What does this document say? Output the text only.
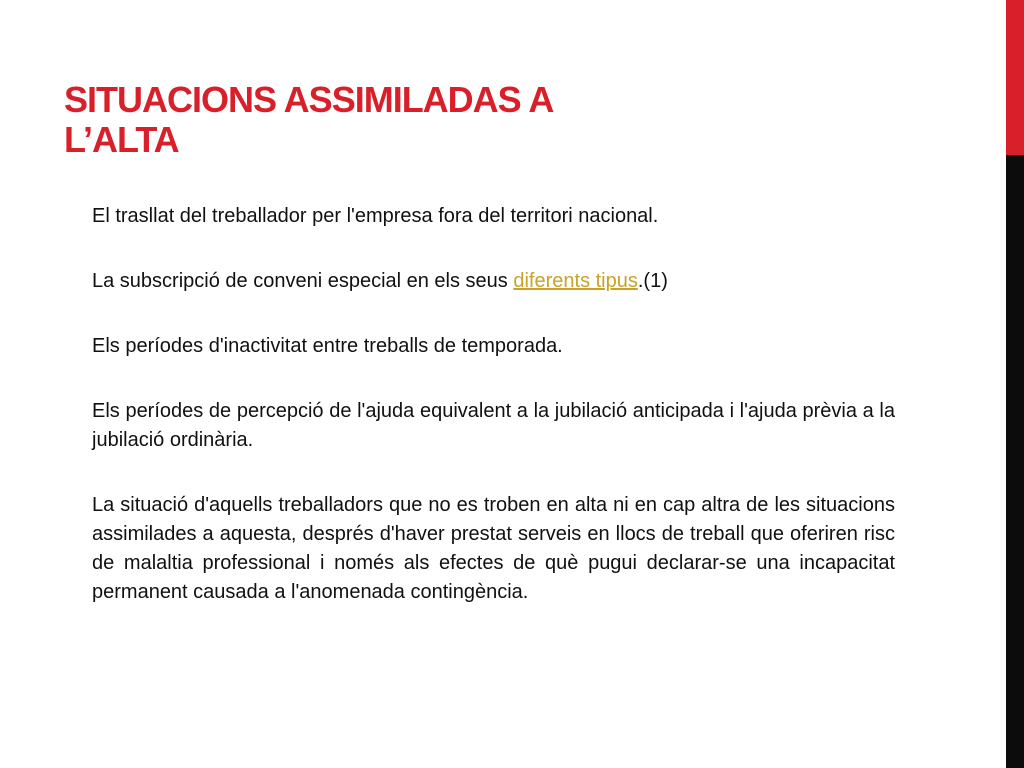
SITUACIONS ASSIMILADAS A
L’ALTA

El trasllat del treballador per l'empresa fora del territori nacional.

La subscripció de conveni especial en els seus diferents tipus.(1)

Els períodes d'inactivitat entre treballs de temporada.

Els períodes de percepció de l'ajuda equivalent a la jubilació anticipada i l'ajuda prèvia a la jubilació ordinària.

La situació d'aquells treballadors que no es troben en alta ni en cap altra de les situacions assimilades a aquesta, després d'haver prestat serveis en llocs de treball que oferiren risc de malaltia professional i només als efectes de què pugui declarar-se una incapacitat permanent causada a l'anomenada contingència.
